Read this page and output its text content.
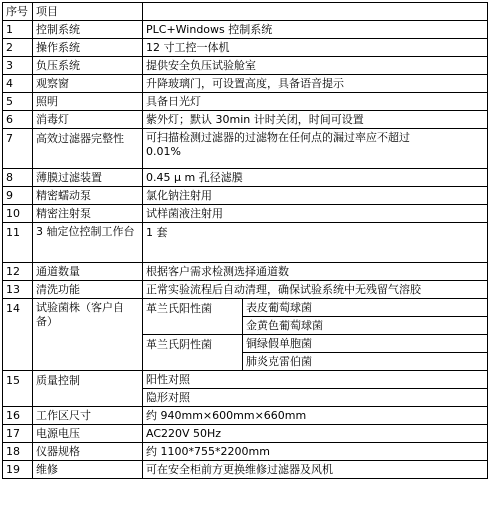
序号	项目		
1	控制系统	PLC+Windows 控制系统	
2	操作系统	12 寸工控一体机	
3	负压系统	提供安全负压试验舱室	
4	观察窗	升降玻璃门，可设置高度，具备语音提示	
5	照明	具备日光灯	
6	消毒灯	紫外灯；默认 30min 计时关闭，时间可设置	
7	高效过滤器完整性	可扫描检测过滤器的过滤物在任何点的漏过率应不超过
0.01%	

8	薄膜过滤装置	0.45 μ m 孔径滤膜	
9	精密蠕动泵	氯化钠注射用	
10	精密注射泵	试样菌液注射用	
11	3 轴定位控制工作台	1 套	
12	通道数量	根据客户需求检测选择通道数	
13	清洗功能	正常实验流程后自动清理，确保试验系统中无残留气溶胶	
14	试验菌株（客户自备）	革兰氏阳性菌	表皮葡萄球菌
			金黄色葡萄球菌
		革兰氏阴性菌	铜绿假单胞菌
			肺炎克雷伯菌
15	质量控制	阳性对照	
		隐形对照	
16	工作区尺寸	约 940mm×600mm×660mm	
17	电源电压	AC220V 50Hz	
18	仪器规格	约 1100*755*2200mm	
19	维修	可在安全柜前方更换维修过滤器及风机	
